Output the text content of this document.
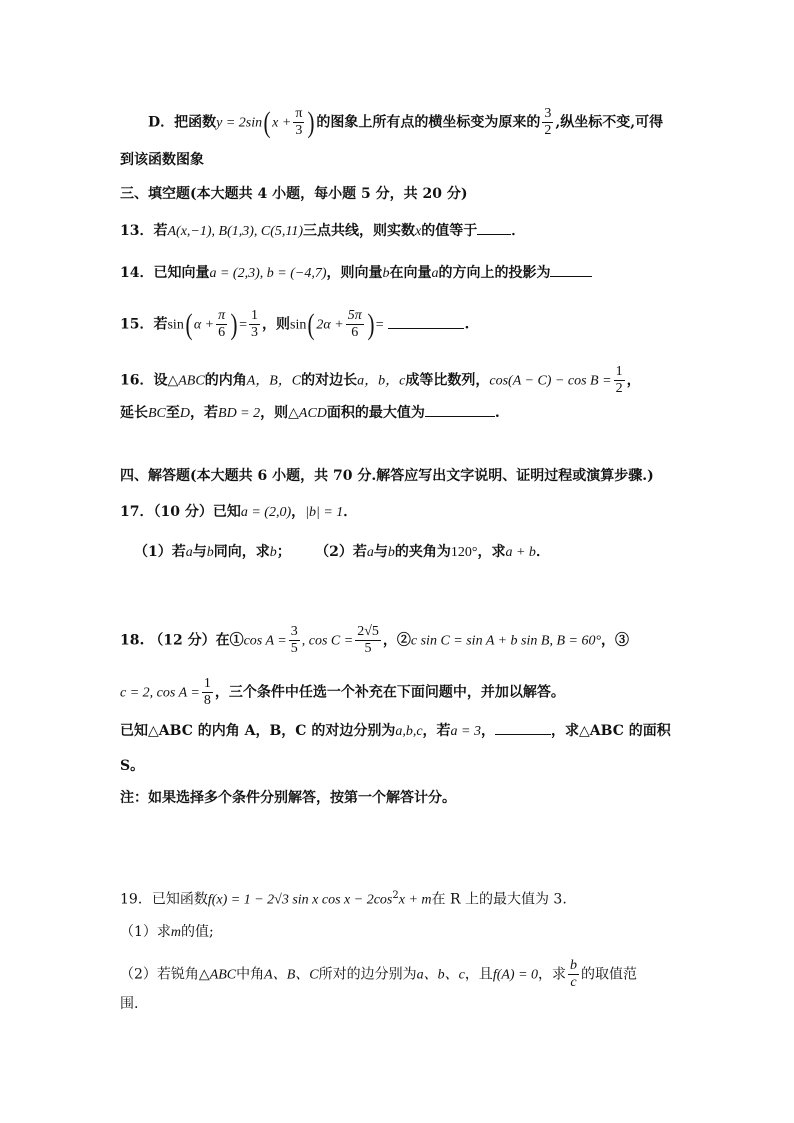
D．把函数y = 2sin( $x + \frac{\pi}{3}$ ) 的图象上所有点的横坐标变为原来的 $\frac{3}{2}$ ,纵坐标不变,可得
到该函数图象
三、填空题(本大题共 4 小题，每小题 5 分，共 20 分)
13．若A(x,−1), B(1,3), C(5,11)三点共线，则实数x的值等于 ．
14．已知向量a = (2,3), b = (−4,7)，则向量b在向量a的方向上的投影为
15．若sin( $\alpha + \frac{\pi}{6}$ ) = $\frac{1}{3}$ ，则sin( $2\alpha + \frac{5\pi}{6}$ ) =	.
16．设△ABC的内角A，B，C的对边长a，b，c成等比数列，$\cos(A - C) - \cos B = \frac{1}{2}$ ，
延长BC至D，若BD = 2，则△ACD面积的最大值为	.
四、解答题(本大题共 6 小题，共 70 分.解答应写出文字说明、证明过程或演算步骤.)
17．（10 分）已知a = (2,0)，|b| = 1．
（1）若a与b同向，求b； （2）若a与b的夹角为120°，求a + b．
18. （12 分）在①cos $A = \frac{3}{5}$ , $\cos C = \frac{2√5}{5}$ ，②c sin C = sin A + b sin B, B = 60°，③
c = 2, $\cos A = \frac{1}{8}$ ，三个条件中任选一个补充在下面问题中，并加以解答。
已知△ABC 的内角 A，B，C 的对边分别为a,b,c，若a = 3，	，求△ABC 的面积
S。
注：如果选择多个条件分别解答，按第一个解答计分。
19．已知函数f(x) = 1 − 2√3 sin x $\cos x - 2\cos^2x + m$在 R 上的最大值为 3.
（1）求m的值;
（2）若锐角△ABC中角A、B、C所对的边分别为a、b、c，且f(A) = 0，求 $\frac{b}{c}$ 的取值范
围.
